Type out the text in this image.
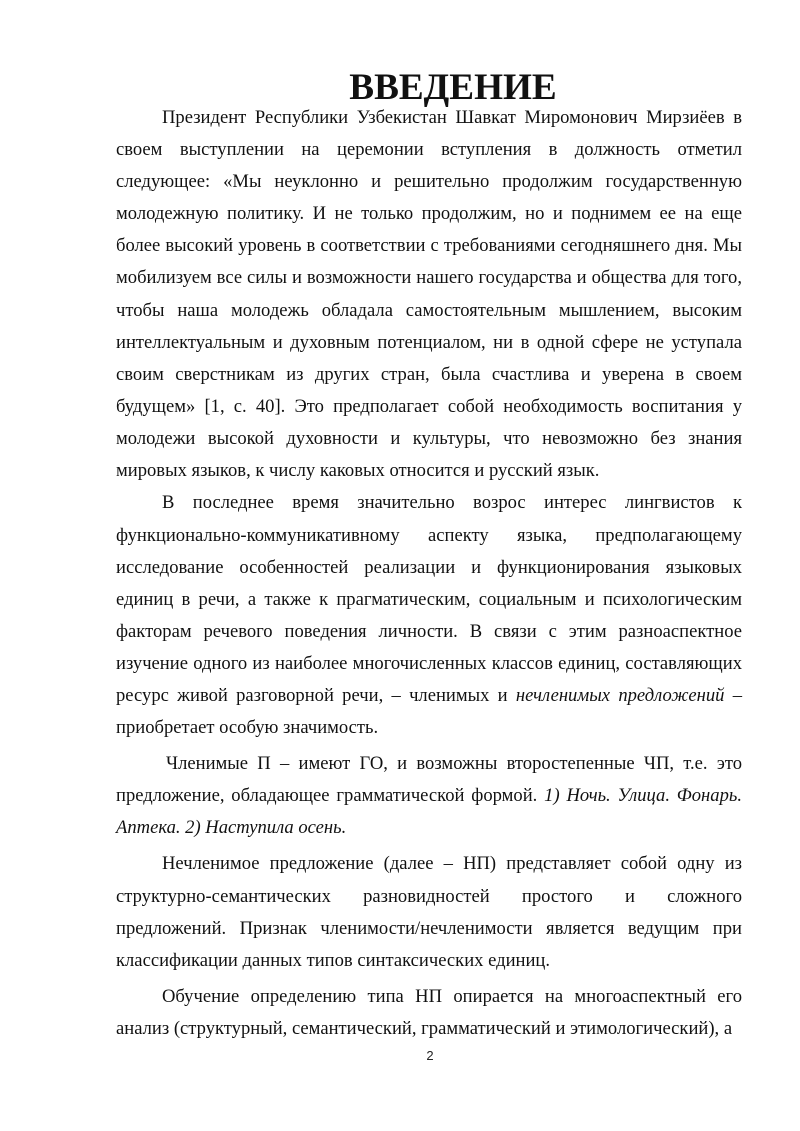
ВВЕДЕНИЕ

Президент Республики Узбекистан Шавкат Миромонович Мирзиёев в своем выступлении на церемонии вступления в должность отметил следующее: «Мы неуклонно и решительно продолжим государственную молодежную политику. И не только продолжим, но и поднимем ее на еще более высокий уровень в соответствии с требованиями сегодняшнего дня. Мы мобилизуем все силы и возможности нашего государства и общества для того, чтобы наша молодежь обладала самостоятельным мышлением, высоким интеллектуальным и духовным потенциалом, ни в одной сфере не уступала своим сверстникам из других стран, была счастлива и уверена в своем будущем» [1, с. 40]. Это предполагает собой необходимость воспитания у молодежи высокой духовности и культуры, что невозможно без знания мировых языков, к числу каковых относится и русский язык.

В последнее время значительно возрос интерес лингвистов к функционально-коммуникативному аспекту языка, предполагающему исследование особенностей реализации и функционирования языковых единиц в речи, а также к прагматическим, социальным и психологическим факторам речевого поведения личности. В связи с этим разноаспектное изучение одного из наиболее многочисленных классов единиц, составляющих ресурс живой разговорной речи, – членимых и нечленимых предложений – приобретает особую значимость.

Членимые П – имеют ГО, и возможны второстепенные ЧП, т.е. это предложение, обладающее грамматической формой. 1) Ночь. Улица. Фонарь. Аптека. 2) Наступила осень.

Нечленимое предложение (далее – НП) представляет собой одну из структурно-семантических разновидностей простого и сложного предложений. Признак членимости/нечленимости является ведущим при классификации данных типов синтаксических единиц.

Обучение определению типа НП опирается на многоаспектный его анализ (структурный, семантический, грамматический и этимологический), а

2
